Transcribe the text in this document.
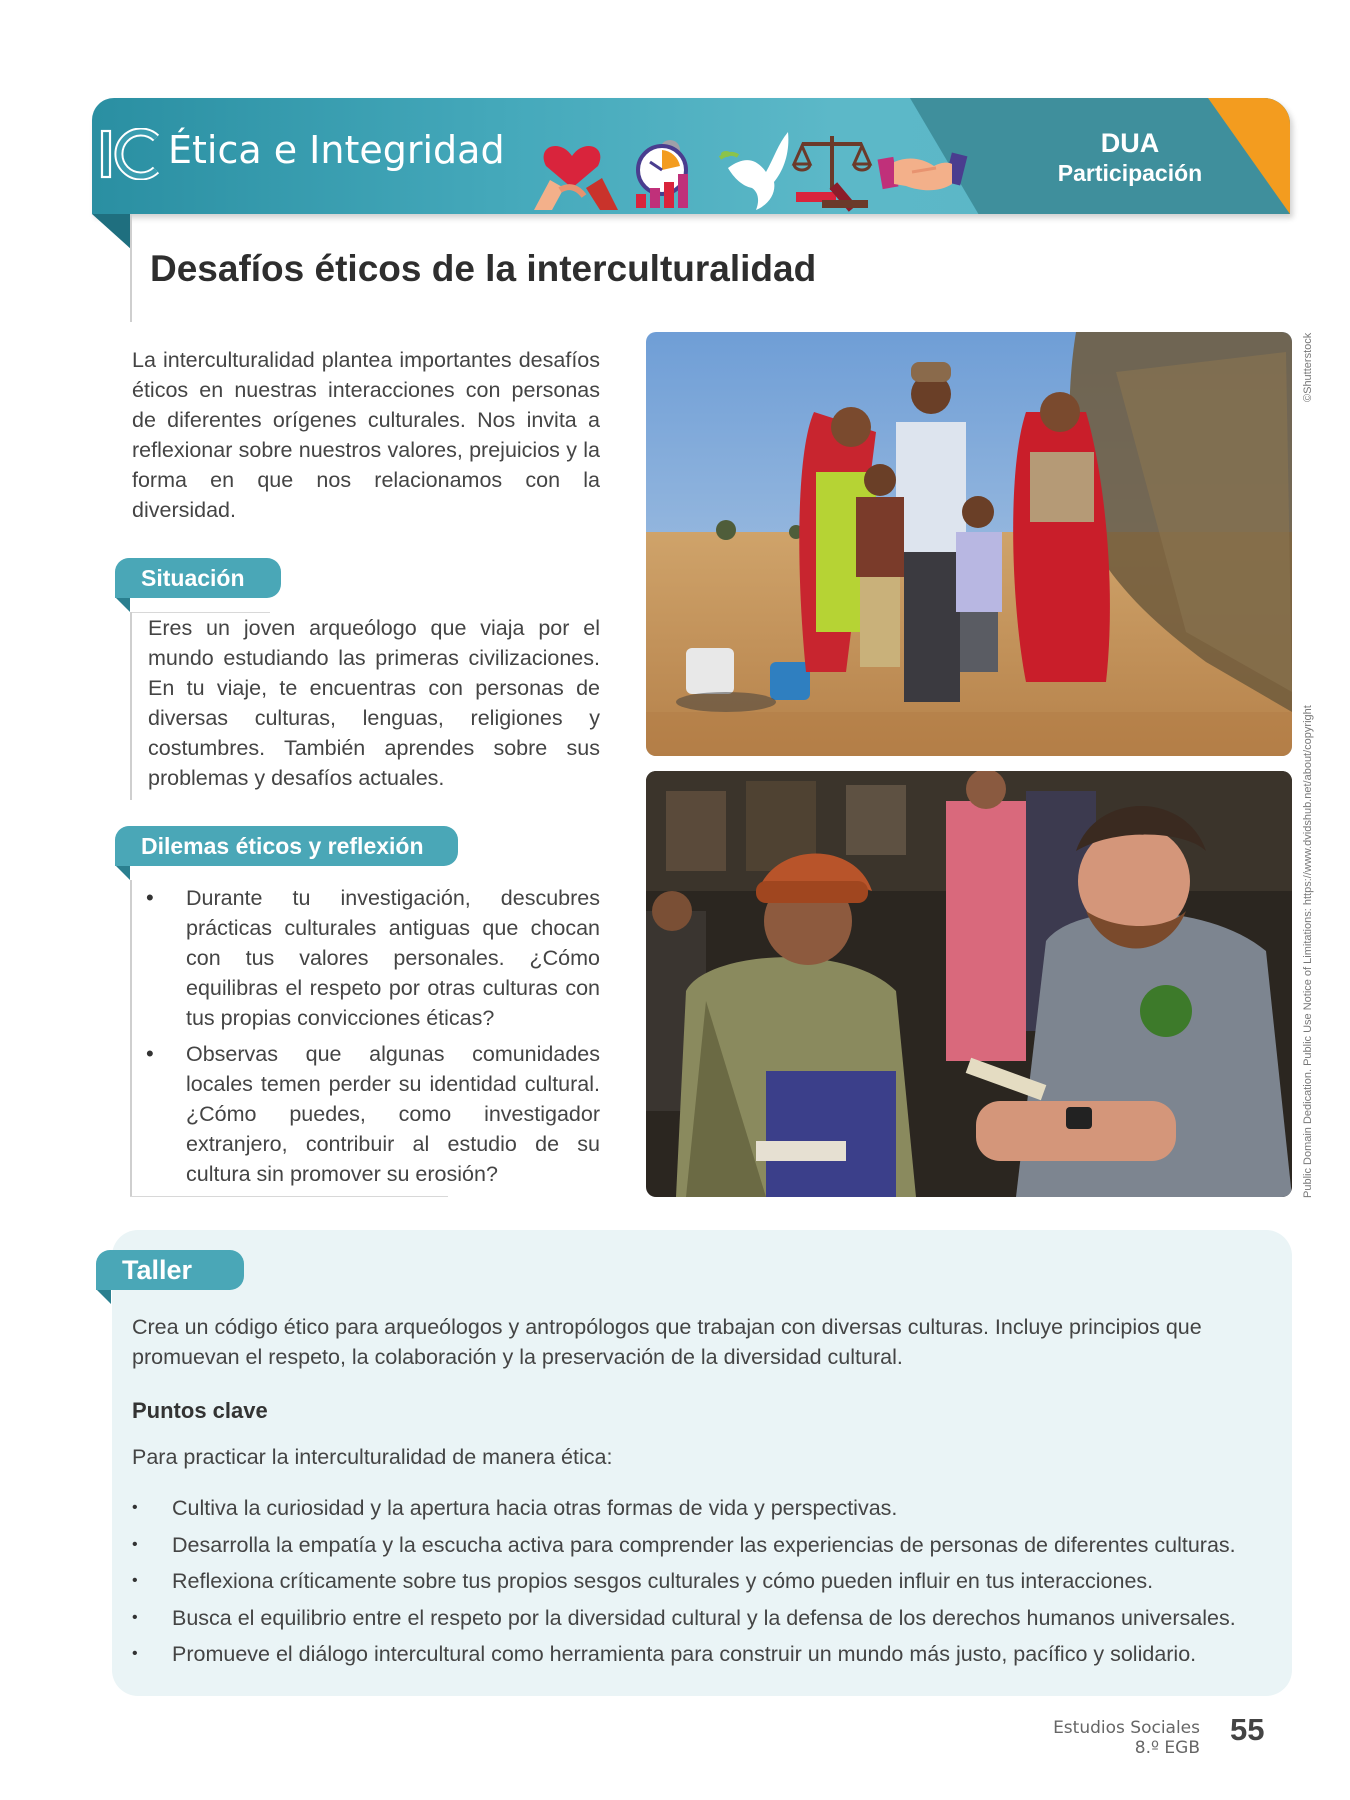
Ética e Integridad	DUA
Participación
Desafíos éticos de la interculturalidad

La interculturalidad plantea importantes desafíos éticos en nuestras interacciones con personas de diferentes orígenes culturales. Nos invita a reflexionar sobre nuestros valores, prejuicios y la forma en que nos relacionamos con la diversidad.

Situación

Eres un joven arqueólogo que viaja por el mundo estudiando las primeras civilizaciones. En tu viaje, te encuentras con personas de diversas culturas, lenguas, religiones y costumbres. También aprendes sobre sus problemas y desafíos actuales.

Dilemas éticos y reflexión
• Durante tu investigación, descubres prácticas culturales antiguas que chocan con tus valores personales. ¿Cómo equilibras el respeto por otras culturas con tus propias convicciones éticas?
• Observas que algunas comunidades locales temen perder su identidad cultural. ¿Cómo puedes, como investigador extranjero, contribuir al estudio de su cultura sin promover su erosión?
©Shutterstock
Public Domain Dedication. Public Use Notice of Limitations: https://www.dvidshub.net/about/copyright
Taller

Crea un código ético para arqueólogos y antropólogos que trabajan con diversas culturas. Incluye principios que promuevan el respeto, la colaboración y la preservación de la diversidad cultural.

Puntos clave

Para practicar la interculturalidad de manera ética:

• Cultiva la curiosidad y la apertura hacia otras formas de vida y perspectivas.
• Desarrolla la empatía y la escucha activa para comprender las experiencias de personas de diferentes culturas.
• Reflexiona críticamente sobre tus propios sesgos culturales y cómo pueden influir en tus interacciones.
• Busca el equilibrio entre el respeto por la diversidad cultural y la defensa de los derechos humanos universales.
• Promueve el diálogo intercultural como herramienta para construir un mundo más justo, pacífico y solidario.
Estudios Sociales
8.º EGB
55
